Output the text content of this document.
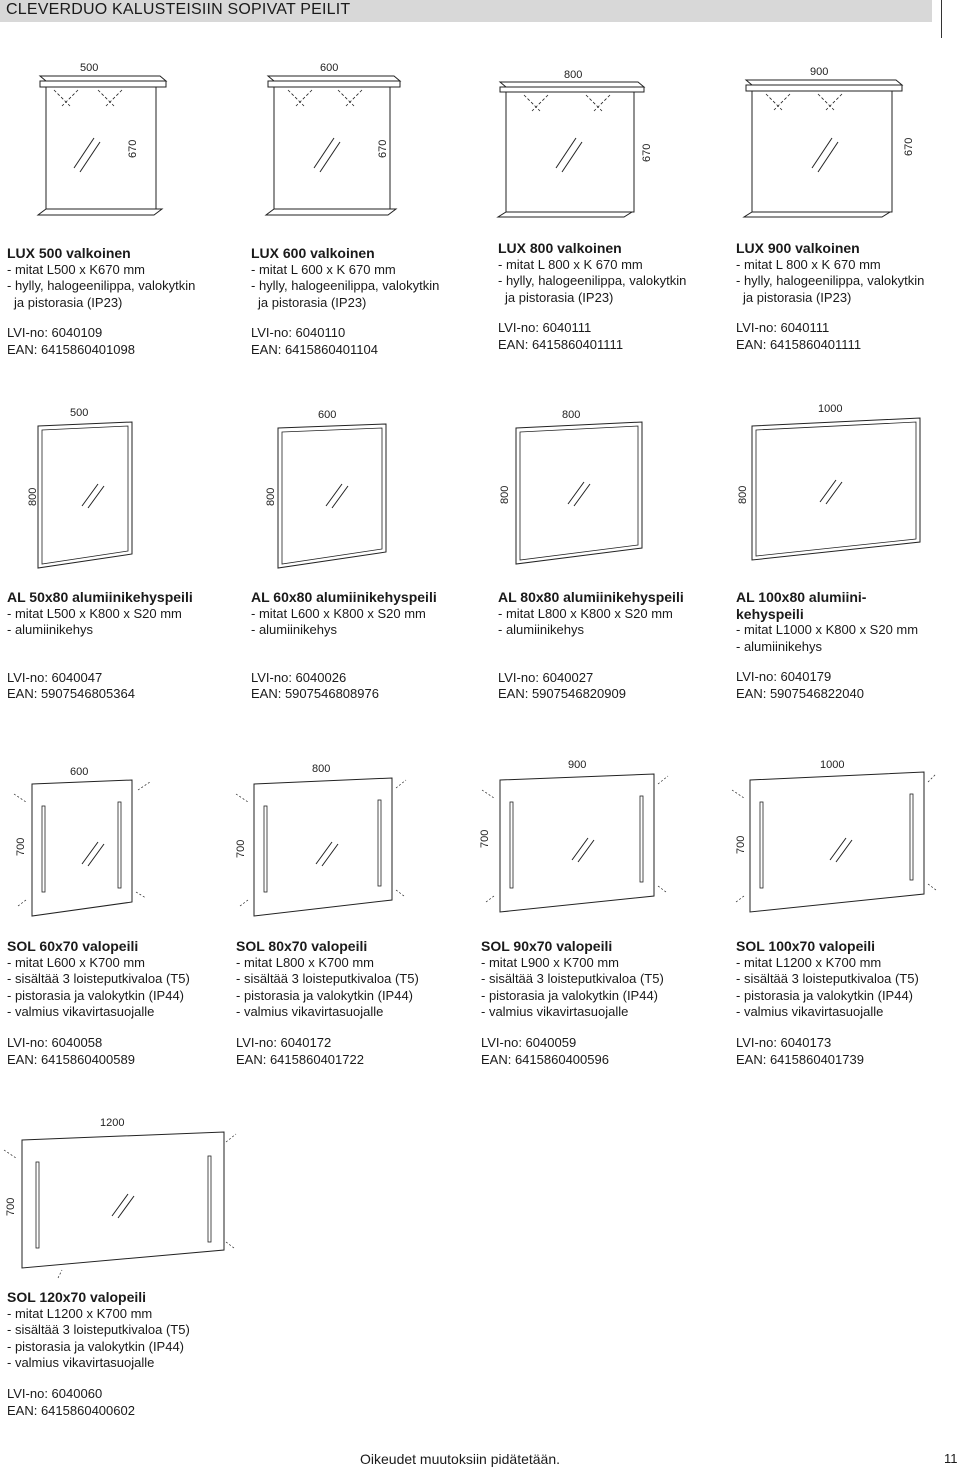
CLEVERDUO KALUSTEISIIN SOPIVAT PEILIT
500
670
600
670
800
670
900
670
LUX 500 valkoinen
- mitat L500 x K670 mm
- hylly, halogeenilippa, valokytkin
ja pistorasia (IP23)
LVI-no: 6040109
EAN: 6415860401098
LUX 600 valkoinen
- mitat L 600 x K 670 mm
- hylly, halogeenilippa, valokytkin
ja pistorasia (IP23)
LVI-no: 6040110
EAN: 6415860401104
LUX 800 valkoinen
- mitat L 800 x K 670 mm
- hylly, halogeenilippa, valokytkin
ja pistorasia (IP23)
LVI-no: 6040111
EAN: 6415860401111
LUX 900 valkoinen
- mitat L 800 x K 670 mm
- hylly, halogeenilippa, valokytkin
ja pistorasia (IP23)
LVI-no: 6040111
EAN: 6415860401111
500
800
600
800
800
800
1000
800
AL 50x80 alumiinikehyspeili
- mitat L500 x K800 x S20 mm
- alumiinikehys
LVI-no: 6040047
EAN: 5907546805364
AL 60x80 alumiinikehyspeili
- mitat L600 x K800 x S20 mm
- alumiinikehys
LVI-no: 6040026
EAN: 5907546808976
AL 80x80 alumiinikehyspeili
- mitat L800 x K800 x S20 mm
- alumiinikehys
LVI-no: 6040027
EAN: 5907546820909
AL 100x80 alumiini-
kehyspeili
- mitat L1000 x K800 x S20 mm
- alumiinikehys
LVI-no: 6040179
EAN: 5907546822040
600
700
800
700
900
700
1000
700
SOL 60x70 valopeili
- mitat L600 x K700 mm
- sisältää 3 loisteputkivaloa (T5)
- pistorasia ja valokytkin (IP44)
- valmius vikavirtasuojalle
LVI-no: 6040058
EAN: 6415860400589
SOL 80x70 valopeili
- mitat L800 x K700 mm
- sisältää 3 loisteputkivaloa (T5)
- pistorasia ja valokytkin (IP44)
- valmius vikavirtasuojalle
LVI-no: 6040172
EAN: 6415860401722
SOL 90x70 valopeili
- mitat L900 x K700 mm
- sisältää 3 loisteputkivaloa (T5)
- pistorasia ja valokytkin (IP44)
- valmius vikavirtasuojalle
LVI-no: 6040059
EAN: 6415860400596
SOL 100x70 valopeili
- mitat L1200 x K700 mm
- sisältää 3 loisteputkivaloa (T5)
- pistorasia ja valokytkin (IP44)
- valmius vikavirtasuojalle
LVI-no: 6040173
EAN: 6415860401739
1200
700
SOL 120x70 valopeili
- mitat L1200 x K700 mm
- sisältää 3 loisteputkivaloa (T5)
- pistorasia ja valokytkin (IP44)
- valmius vikavirtasuojalle
LVI-no: 6040060
EAN: 6415860400602
Oikeudet muutoksiin pidätetään.	11
